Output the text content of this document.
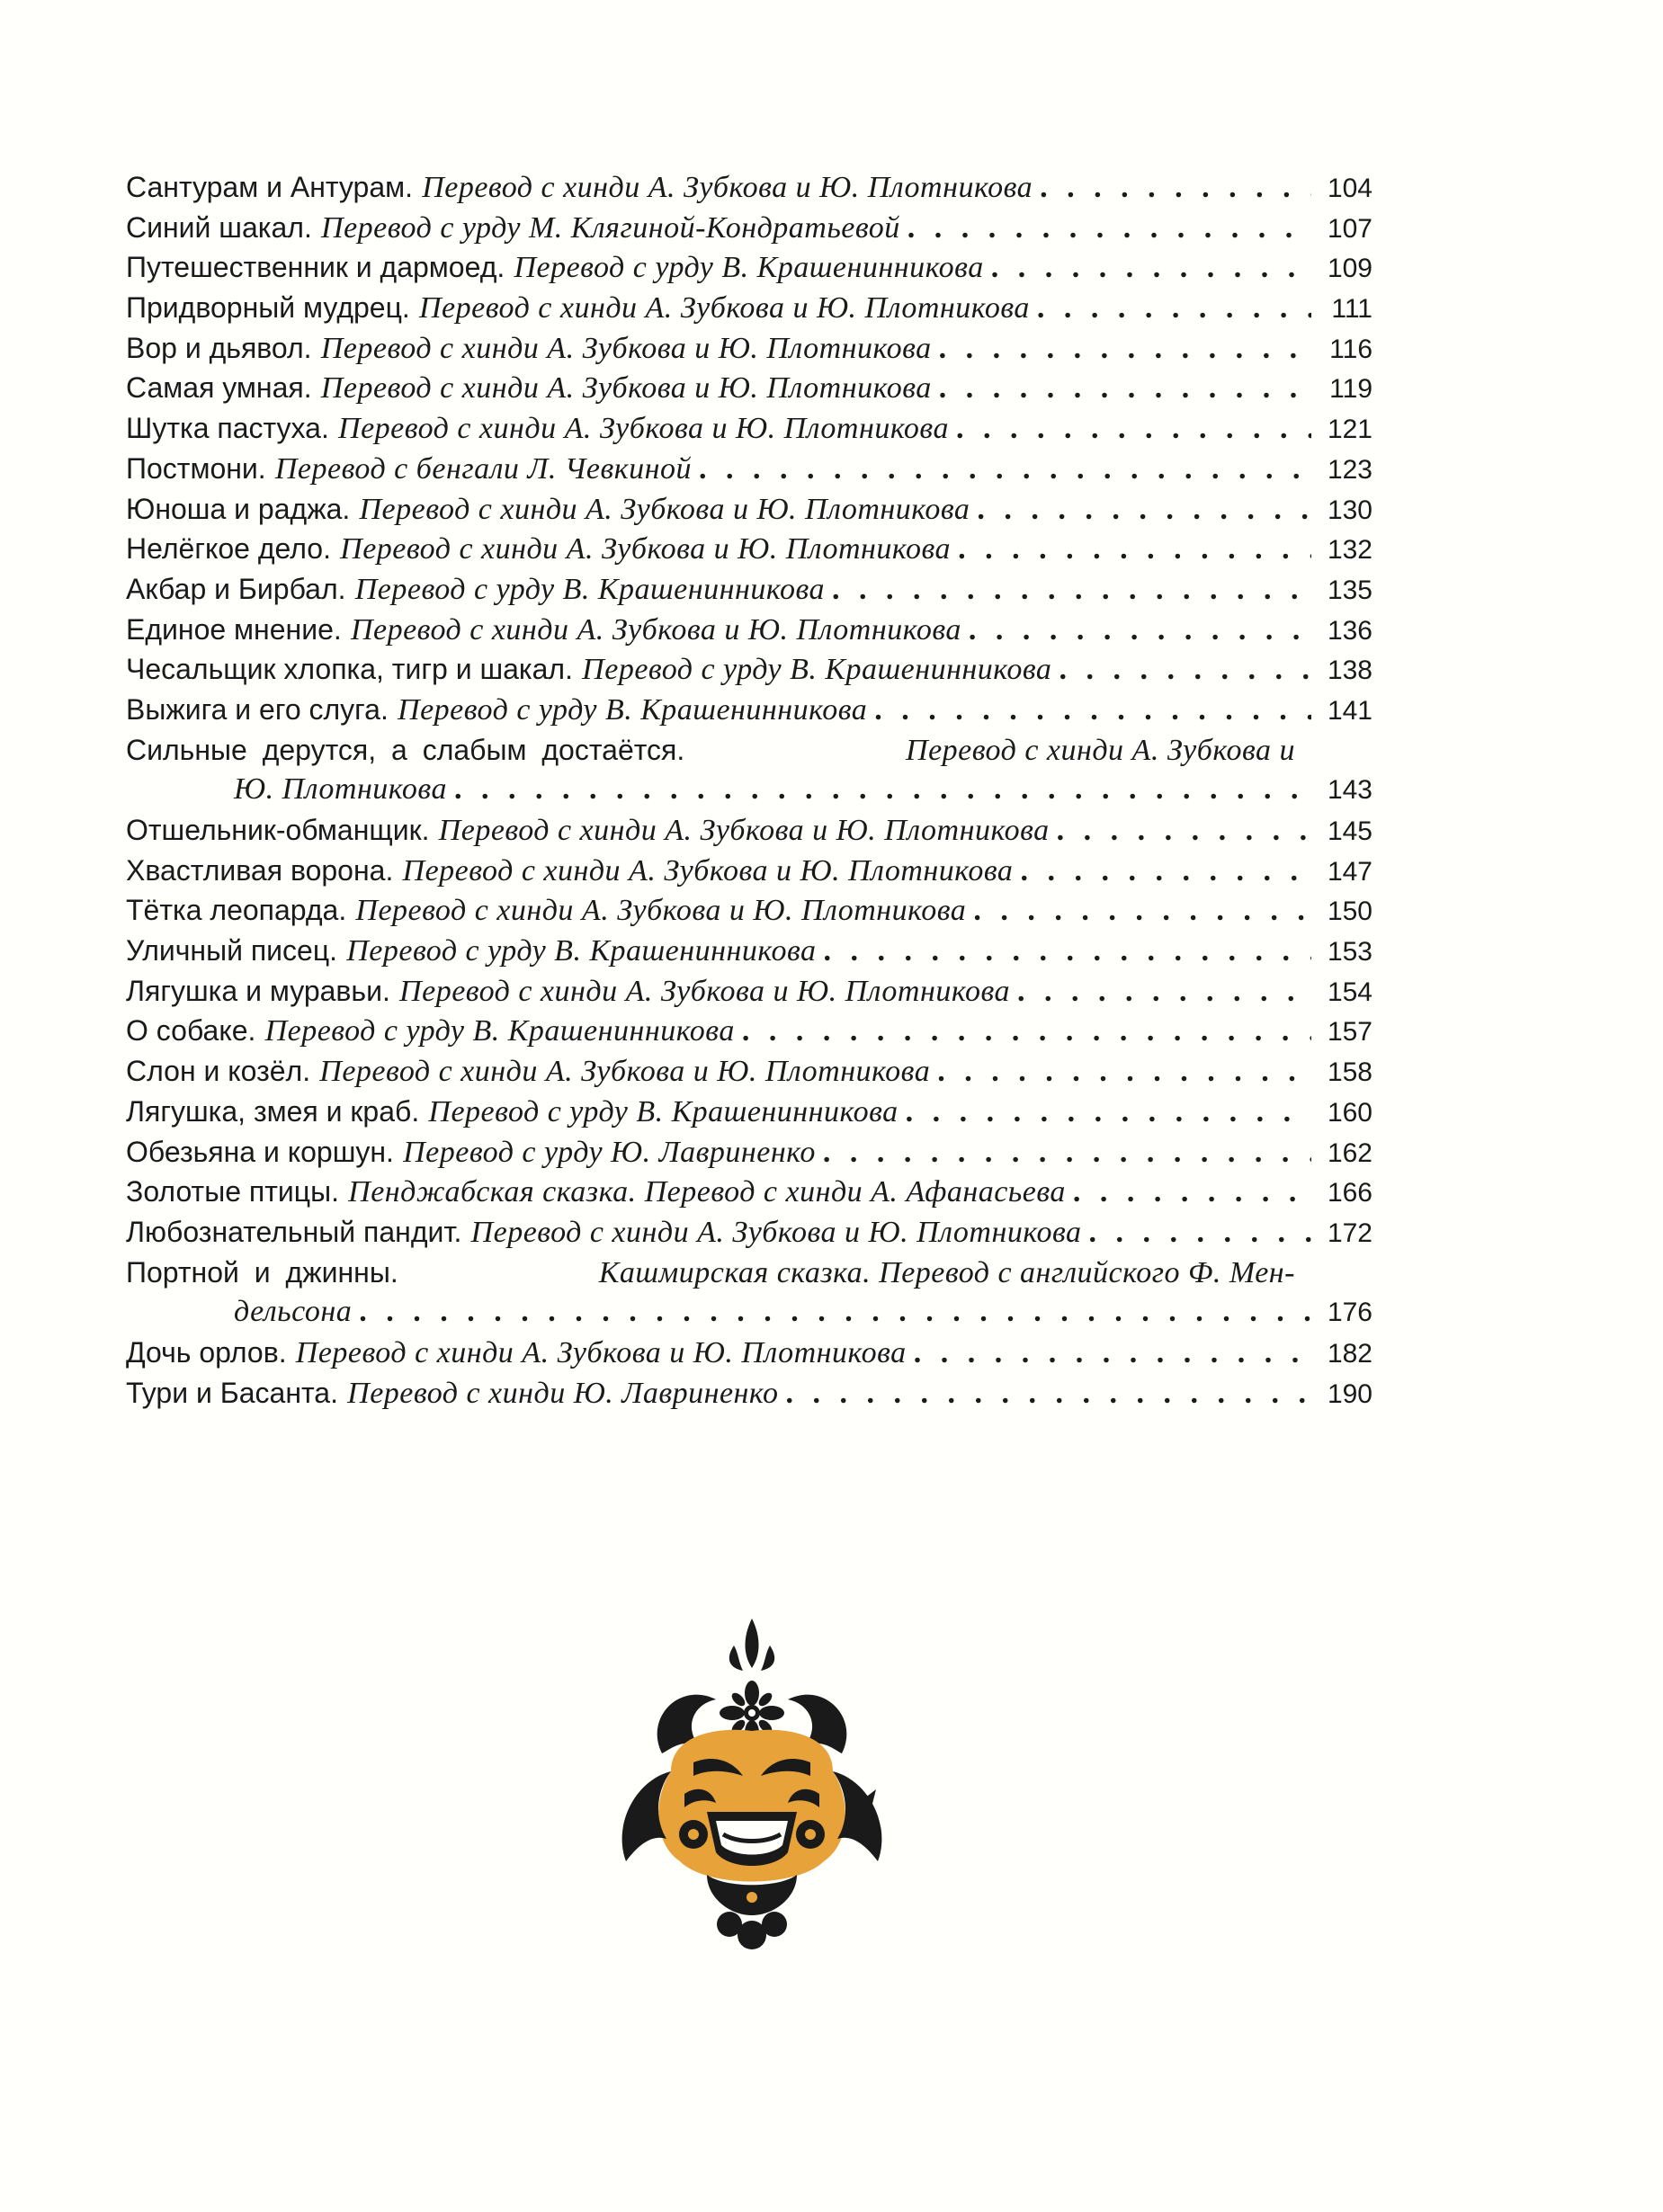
Сантурам и Антурам. Перевод с хинди А. Зубкова и Ю. Плотникова . . .	104
Синий шакал. Перевод с урду М. Клягиной-Кондратьевой . . .	107
Путешественник и дармоед. Перевод с урду В. Крашенинникова . . .	109
Придворный мудрец. Перевод с хинди А. Зубкова и Ю. Плотникова . . .	111
Вор и дьявол. Перевод с хинди А. Зубкова и Ю. Плотникова . . .	116
Самая умная. Перевод с хинди А. Зубкова и Ю. Плотникова . . .	119
Шутка пастуха. Перевод с хинди А. Зубкова и Ю. Плотникова . . .	121
Постмони. Перевод с бенгали Л. Чевкиной . . .	123
Юноша и раджа. Перевод с хинди А. Зубкова и Ю. Плотникова . . .	130
Нелёгкое дело. Перевод с хинди А. Зубкова и Ю. Плотникова . . .	132
Акбар и Бирбал. Перевод с урду В. Крашенинникова . . .	135
Единое мнение. Перевод с хинди А. Зубкова и Ю. Плотникова . . .	136
Чесальщик хлопка, тигр и шакал. Перевод с урду В. Крашенинникова . . .	138
Выжига и его слуга. Перевод с урду В. Крашенинникова . . .	141
Сильные дерутся, а слабым достаётся.	Перевод с хинди А. Зубкова и
Ю. Плотникова . . .	143
Отшельник-обманщик. Перевод с хинди А. Зубкова и Ю. Плотникова . . .	145
Хвастливая ворона. Перевод с хинди А. Зубкова и Ю. Плотникова . . .	147
Тётка леопарда. Перевод с хинди А. Зубкова и Ю. Плотникова . . .	150
Уличный писец. Перевод с урду В. Крашенинникова . . .	153
Лягушка и муравьи. Перевод с хинди А. Зубкова и Ю. Плотникова . . .	154
О собаке. Перевод с урду В. Крашенинникова . . .	157
Слон и козёл. Перевод с хинди А. Зубкова и Ю. Плотникова . . .	158
Лягушка, змея и краб. Перевод с урду В. Крашенинникова . . .	160
Обезьяна и коршун. Перевод с урду Ю. Лавриненко . . .	162
Золотые птицы. Пенджабская сказка. Перевод с хинди А. Афанасьева . . .	166
Любознательный пандит. Перевод с хинди А. Зубкова и Ю. Плотникова . . .	172
Портной и джинны.	Кашмирская сказка. Перевод с английского Ф. Мен-
дельсона . . .	176
Дочь орлов. Перевод с хинди А. Зубкова и Ю. Плотникова . . .	182
Тури и Басанта. Перевод с хинди Ю. Лавриненко . . .	190
